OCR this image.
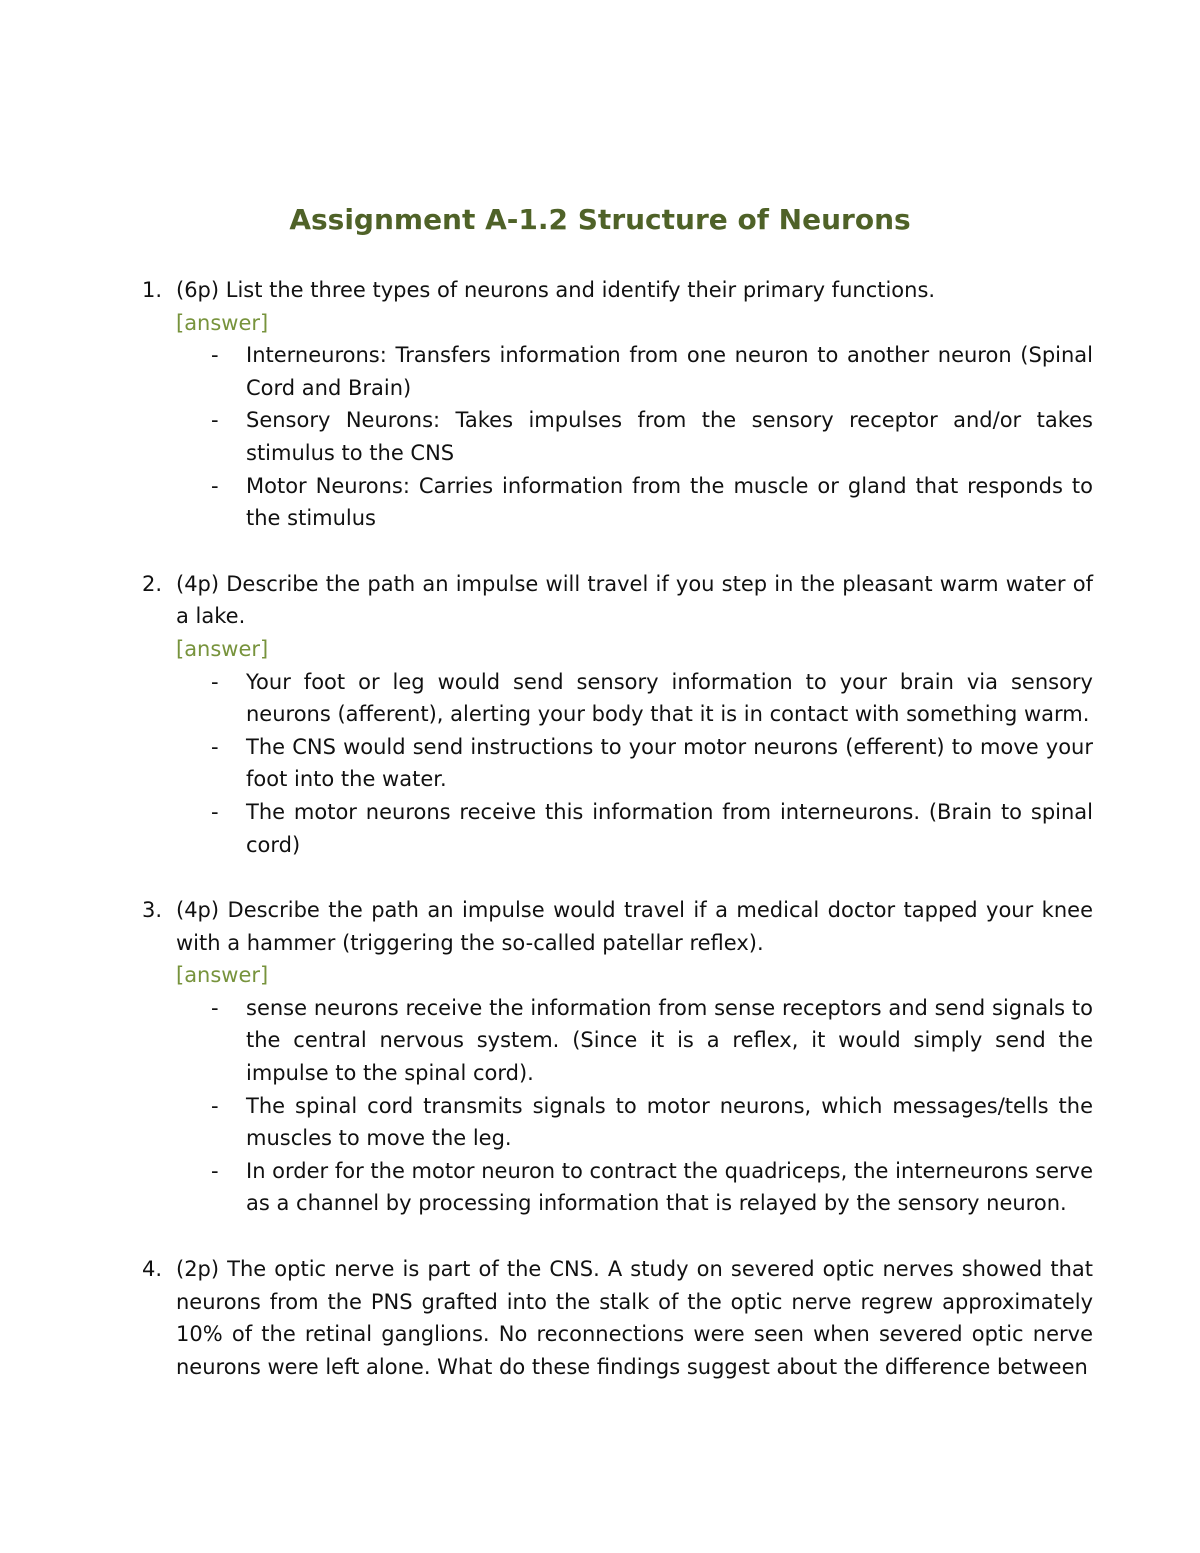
Assignment A-1.2 Structure of Neurons
1. (6p) List the three types of neurons and identify their primary functions.
[answer]
- Interneurons: Transfers information from one neuron to another neuron (Spinal Cord and Brain)
- Sensory Neurons: Takes impulses from the sensory receptor and/or takes stimulus to the CNS
- Motor Neurons: Carries information from the muscle or gland that responds to the stimulus
2. (4p) Describe the path an impulse will travel if you step in the pleasant warm water of a lake.
[answer]
- Your foot or leg would send sensory information to your brain via sensory neurons (afferent), alerting your body that it is in contact with something warm.
- The CNS would send instructions to your motor neurons (efferent) to move your foot into the water.
- The motor neurons receive this information from interneurons. (Brain to spinal cord)
3. (4p) Describe the path an impulse would travel if a medical doctor tapped your knee with a hammer (triggering the so-called patellar reflex).
[answer]
- sense neurons receive the information from sense receptors and send signals to the central nervous system. (Since it is a reflex, it would simply send the impulse to the spinal cord).
- The spinal cord transmits signals to motor neurons, which messages/tells the muscles to move the leg.
- In order for the motor neuron to contract the quadriceps, the interneurons serve as a channel by processing information that is relayed by the sensory neuron.
4. (2p) The optic nerve is part of the CNS. A study on severed optic nerves showed that neurons from the PNS grafted into the stalk of the optic nerve regrew approximately 10% of the retinal ganglions. No reconnections were seen when severed optic nerve neurons were left alone. What do these findings suggest about the difference between
